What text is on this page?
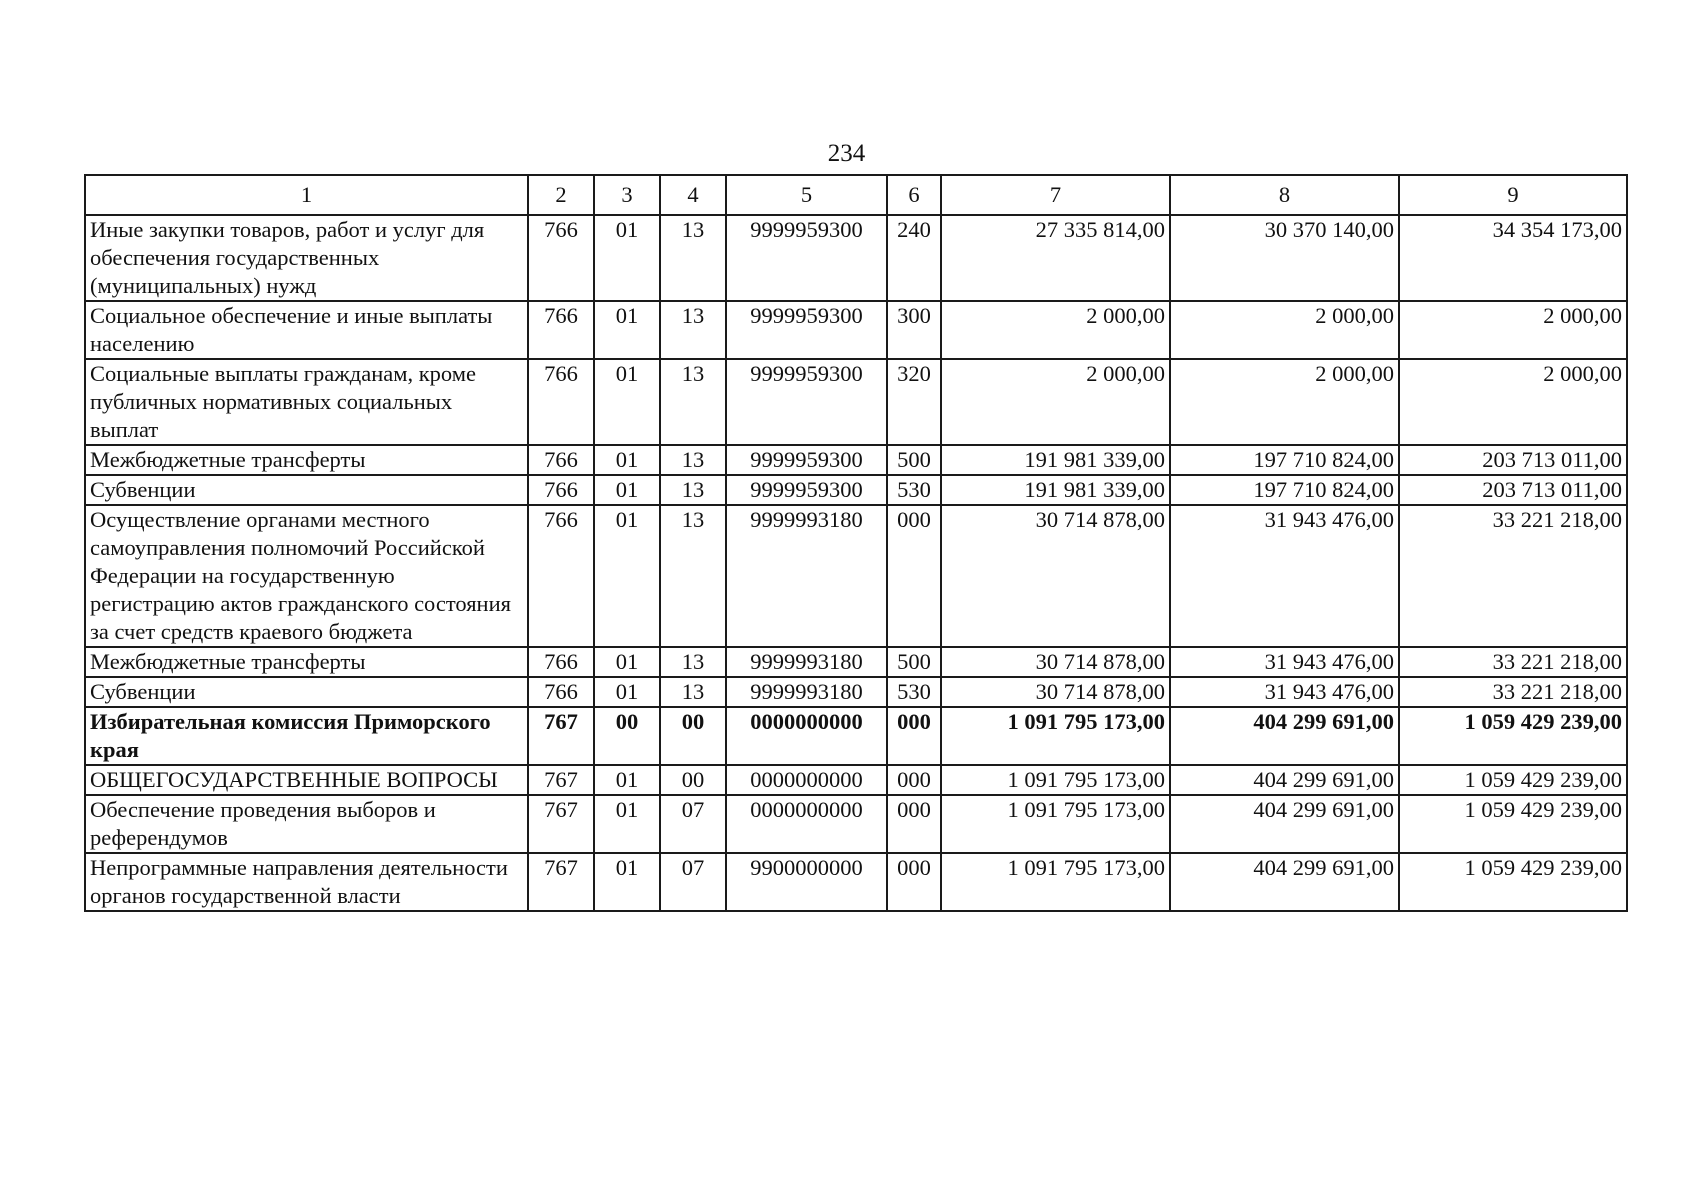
234
1	2	3	4	5	6	7	8	9
Иные закупки товаров, работ и услуг для обеспечения государственных (муниципальных) нужд	766	01	13	9999959300	240	27 335 814,00	30 370 140,00	34 354 173,00
Социальное обеспечение и иные выплаты населению	766	01	13	9999959300	300	2 000,00	2 000,00	2 000,00
Социальные выплаты гражданам, кроме публичных нормативных социальных выплат	766	01	13	9999959300	320	2 000,00	2 000,00	2 000,00
Межбюджетные трансферты	766	01	13	9999959300	500	191 981 339,00	197 710 824,00	203 713 011,00
Субвенции	766	01	13	9999959300	530	191 981 339,00	197 710 824,00	203 713 011,00
Осуществление органами местного самоуправления полномочий Российской Федерации на государственную регистрацию актов гражданского состояния за счет средств краевого бюджета	766	01	13	9999993180	000	30 714 878,00	31 943 476,00	33 221 218,00
Межбюджетные трансферты	766	01	13	9999993180	500	30 714 878,00	31 943 476,00	33 221 218,00
Субвенции	766	01	13	9999993180	530	30 714 878,00	31 943 476,00	33 221 218,00
Избирательная комиссия Приморского края	767	00	00	0000000000	000	1 091 795 173,00	404 299 691,00	1 059 429 239,00
ОБЩЕГОСУДАРСТВЕННЫЕ ВОПРОСЫ	767	01	00	0000000000	000	1 091 795 173,00	404 299 691,00	1 059 429 239,00
Обеспечение проведения выборов и референдумов	767	01	07	0000000000	000	1 091 795 173,00	404 299 691,00	1 059 429 239,00
Непрограммные направления деятельности органов государственной власти	767	01	07	9900000000	000	1 091 795 173,00	404 299 691,00	1 059 429 239,00
